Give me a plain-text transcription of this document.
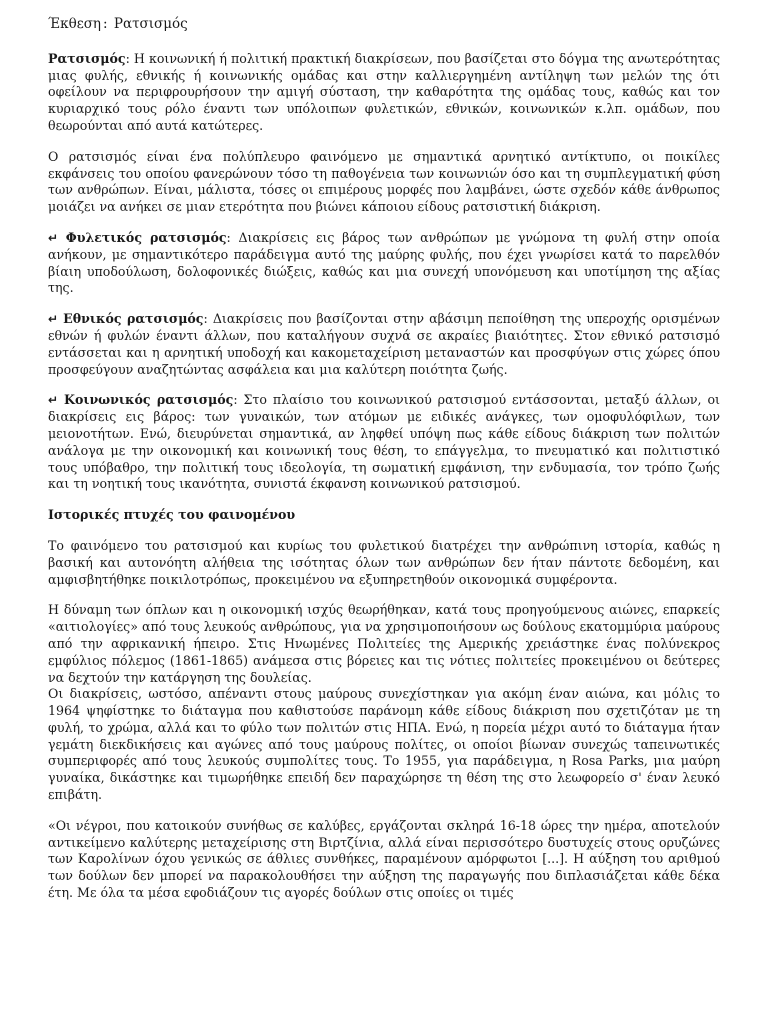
Έκθεση : Ρατσισμός

Ρατσισμός: Η κοινωνική ή πολιτική πρακτική διακρίσεων, που βασίζεται στο δόγμα της ανωτερότητας μιας φυλής, εθνικής ή κοινωνικής ομάδας και στην καλλιεργημένη αντίληψη των μελών της ότι οφείλουν να περιφρουρήσουν την αμιγή σύσταση, την καθαρότητα της ομάδας τους, καθώς και τον κυριαρχικό τους ρόλο έναντι των υπόλοιπων φυλετικών, εθνικών, κοινωνικών κ.λπ. ομάδων, που θεωρούνται από αυτά κατώτερες.

Ο ρατσισμός είναι ένα πολύπλευρο φαινόμενο με σημαντικά αρνητικό αντίκτυπο, οι ποικίλες εκφάνσεις του οποίου φανερώνουν τόσο τη παθογένεια των κοινωνιών όσο και τη συμπλεγματική φύση των ανθρώπων. Είναι, μάλιστα, τόσες οι επιμέρους μορφές που λαμβάνει, ώστε σχεδόν κάθε άνθρωπος μοιάζει να ανήκει σε μιαν ετερότητα που βιώνει κάποιου είδους ρατσιστική διάκριση.

↵ Φυλετικός ρατσισμός: Διακρίσεις εις βάρος των ανθρώπων με γνώμονα τη φυλή στην οποία ανήκουν, με σημαντικότερο παράδειγμα αυτό της μαύρης φυλής, που έχει γνωρίσει κατά το παρελθόν βίαιη υποδούλωση, δολοφονικές διώξεις, καθώς και μια συνεχή υπονόμευση και υποτίμηση της αξίας της.

↵ Εθνικός ρατσισμός: Διακρίσεις που βασίζονται στην αβάσιμη πεποίθηση της υπεροχής ορισμένων εθνών ή φυλών έναντι άλλων, που καταλήγουν συχνά σε ακραίες βιαιότητες. Στον εθνικό ρατσισμό εντάσσεται και η αρνητική υποδοχή και κακομεταχείριση μεταναστών και προσφύγων στις χώρες όπου προσφεύγουν αναζητώντας ασφάλεια και μια καλύτερη ποιότητα ζωής.

↵ Κοινωνικός ρατσισμός: Στο πλαίσιο του κοινωνικού ρατσισμού εντάσσονται, μεταξύ άλλων, οι διακρίσεις εις βάρος: των γυναικών, των ατόμων με ειδικές ανάγκες, των ομοφυλόφιλων, των μειονοτήτων. Ενώ, διευρύνεται σημαντικά, αν ληφθεί υπόψη πως κάθε είδους διάκριση των πολιτών ανάλογα με την οικονομική και κοινωνική τους θέση, το επάγγελμα, το πνευματικό και πολιτιστικό τους υπόβαθρο, την πολιτική τους ιδεολογία, τη σωματική εμφάνιση, την ενδυμασία, τον τρόπο ζωής και τη νοητική τους ικανότητα, συνιστά έκφανση κοινωνικού ρατσισμού.

Ιστορικές πτυχές του φαινομένου

Το φαινόμενο του ρατσισμού και κυρίως του φυλετικού διατρέχει την ανθρώπινη ιστορία, καθώς η βασική και αυτονόητη αλήθεια της ισότητας όλων των ανθρώπων δεν ήταν πάντοτε δεδομένη, και αμφισβητήθηκε ποικιλοτρόπως, προκειμένου να εξυπηρετηθούν οικονομικά συμφέροντα.

Η δύναμη των όπλων και η οικονομική ισχύς θεωρήθηκαν, κατά τους προηγούμενους αιώνες, επαρκείς «αιτιολογίες» από τους λευκούς ανθρώπους, για να χρησιμοποιήσουν ως δούλους εκατομμύρια μαύρους από την αφρικανική ήπειρο. Στις Ηνωμένες Πολιτείες της Αμερικής χρειάστηκε ένας πολύνεκρος εμφύλιος πόλεμος (1861-1865) ανάμεσα στις βόρειες και τις νότιες πολιτείες προκειμένου οι δεύτερες να δεχτούν την κατάργηση της δουλείας.

Οι διακρίσεις, ωστόσο, απέναντι στους μαύρους συνεχίστηκαν για ακόμη έναν αιώνα, και μόλις το 1964 ψηφίστηκε το διάταγμα που καθιστούσε παράνομη κάθε είδους διάκριση που σχετιζόταν με τη φυλή, το χρώμα, αλλά και το φύλο των πολιτών στις ΗΠΑ. Ενώ, η πορεία μέχρι αυτό το διάταγμα ήταν γεμάτη διεκδικήσεις και αγώνες από τους μαύρους πολίτες, οι οποίοι βίωναν συνεχώς ταπεινωτικές συμπεριφορές από τους λευκούς συμπολίτες τους. Το 1955, για παράδειγμα, η Rosa Parks, μια μαύρη γυναίκα, δικάστηκε και τιμωρήθηκε επειδή δεν παραχώρησε τη θέση της στο λεωφορείο σ' έναν λευκό επιβάτη.

«Οι νέγροι, που κατοικούν συνήθως σε καλύβες, εργάζονται σκληρά 16-18 ώρες την ημέρα, αποτελούν αντικείμενο καλύτερης μεταχείρισης στη Βιρτζίνια, αλλά είναι περισσότερο δυστυχείς στους ορυζώνες των Καρολίνων όχου γενικώς σε άθλιες συνθήκες, παραμένουν αμόρφωτοι [...]. Η αύξηση του αριθμού των δούλων δεν μπορεί να παρακολουθήσει την αύξηση της παραγωγής που διπλασιάζεται κάθε δέκα έτη. Με όλα τα μέσα εφοδιάζουν τις αγορές δούλων στις οποίες οι τιμές
